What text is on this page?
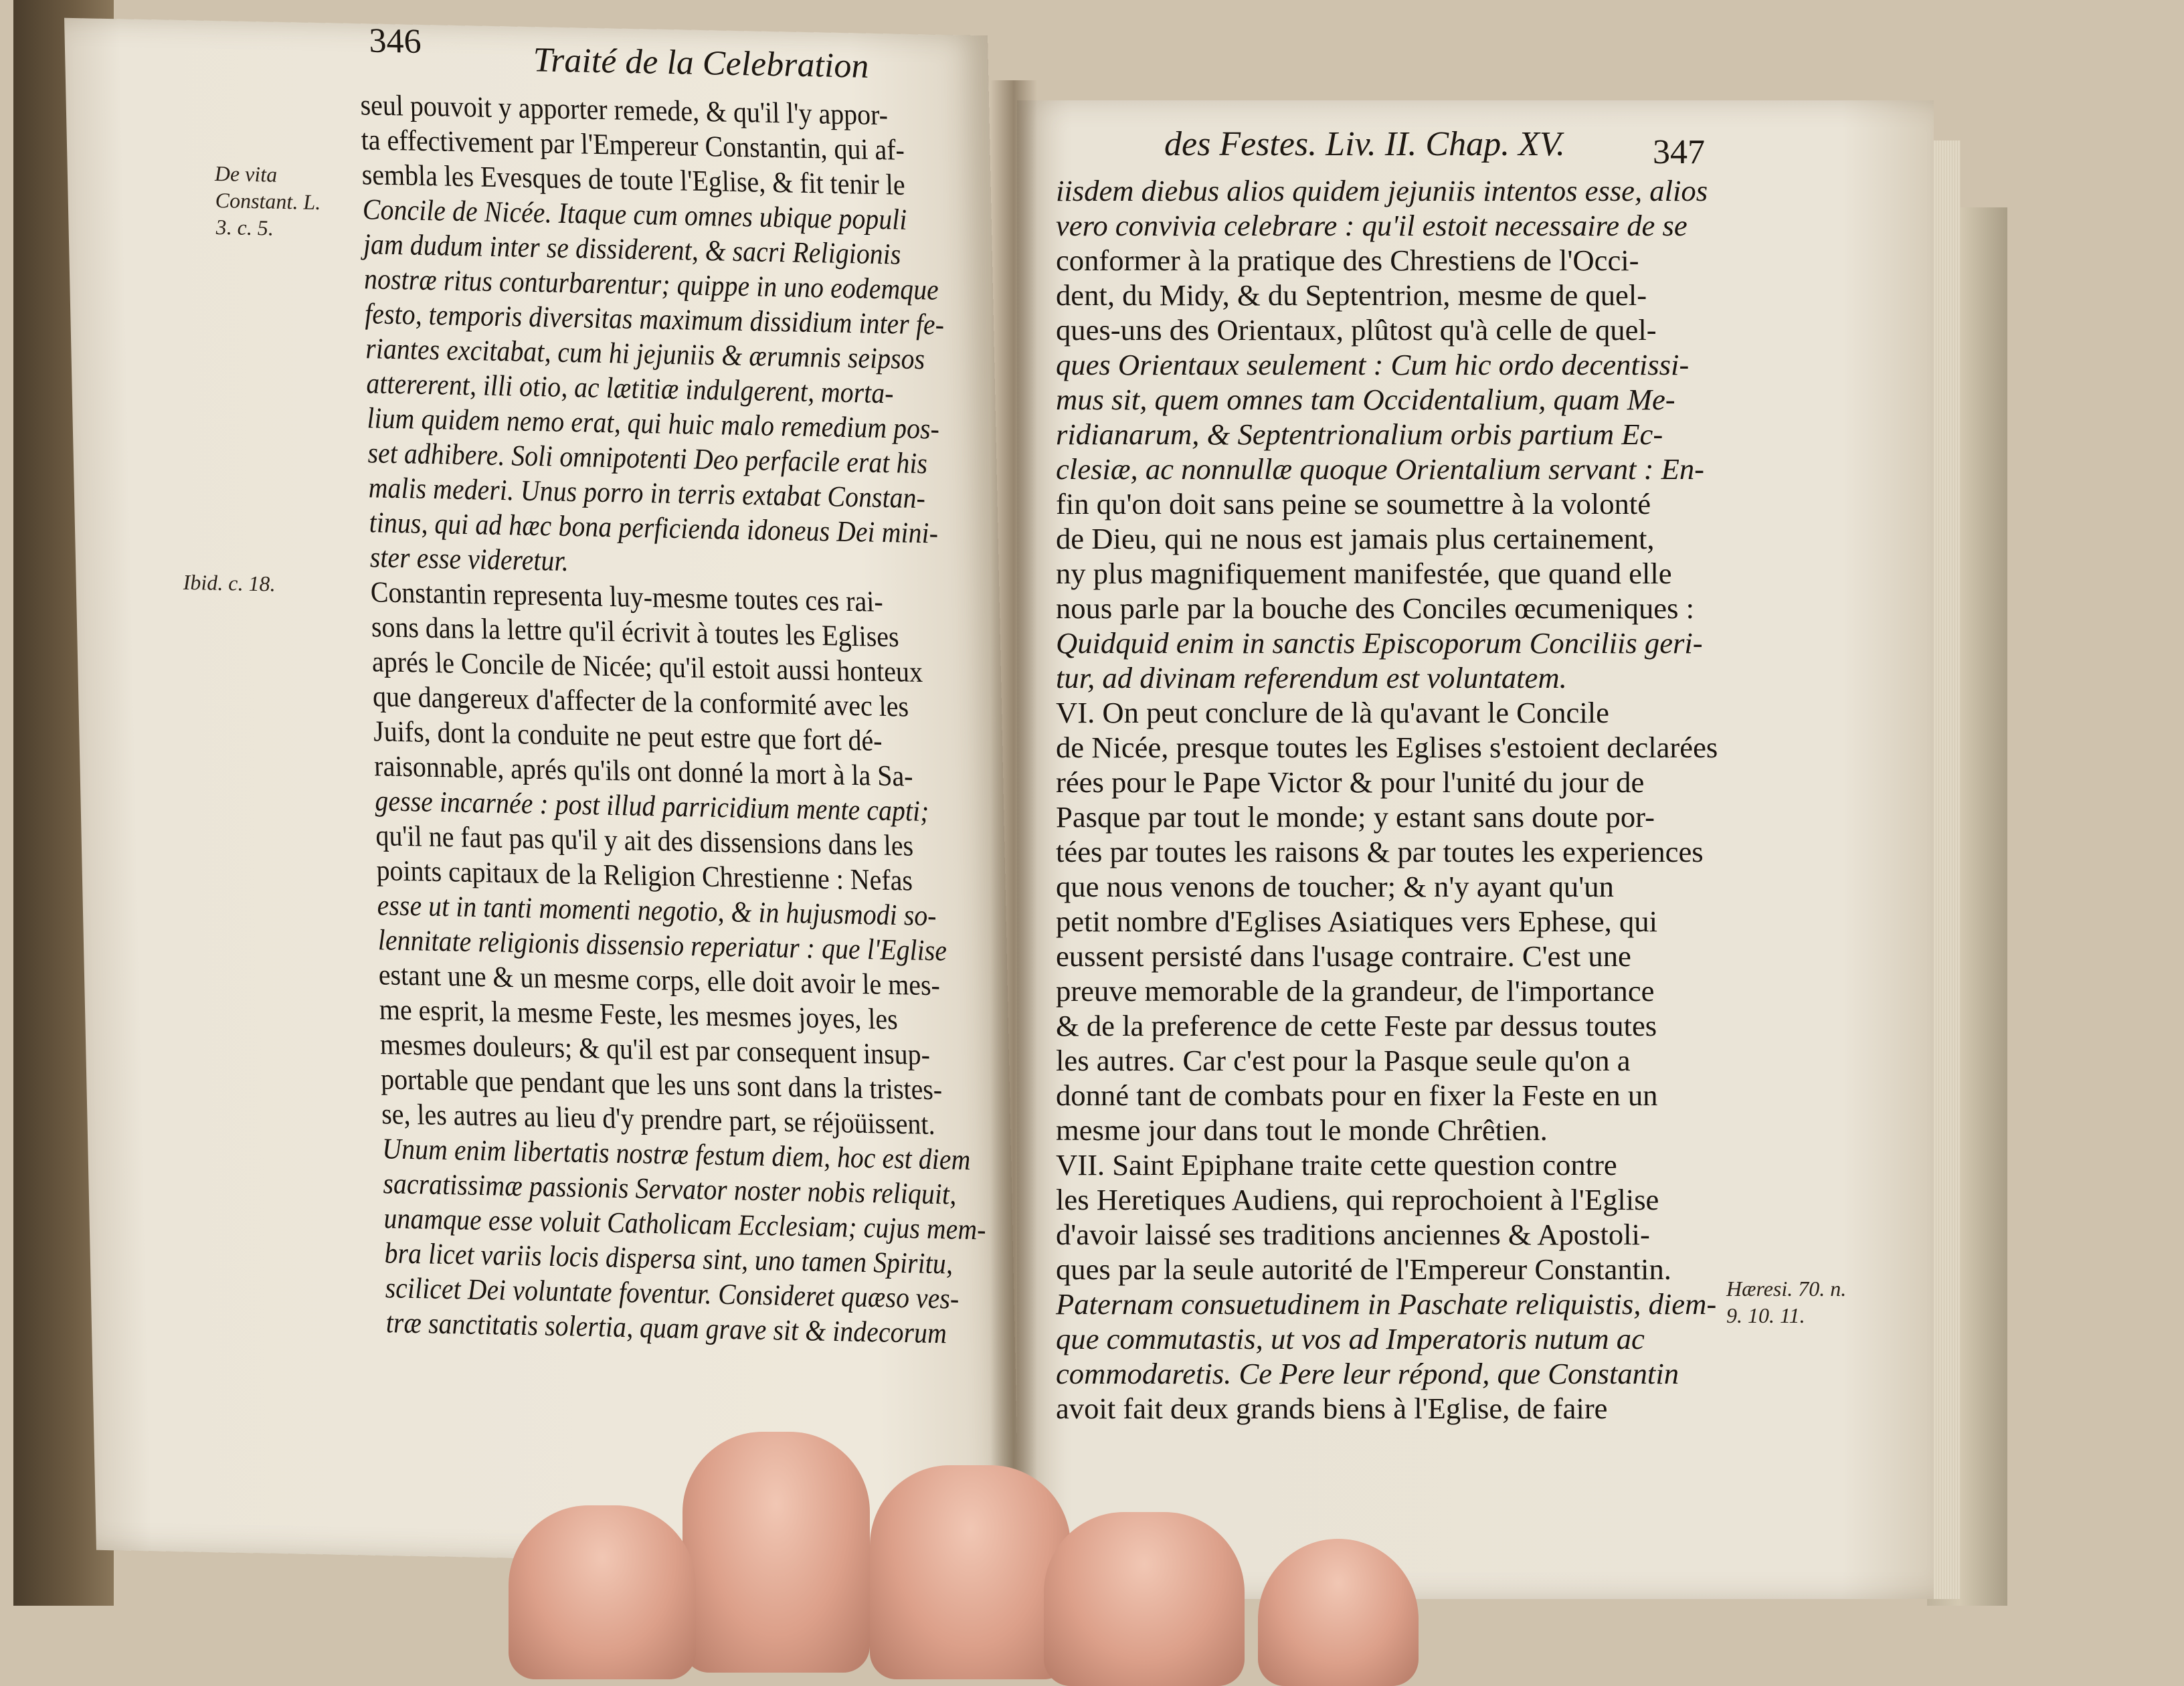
346	Traité de la Celebration
De vita Constant. L. 3. c. 5.
Ibid. c. 18.
seul pouvoit y apporter remede, & qu'il l'y appor-
ta effectivement par l'Empereur Constantin, qui af-
sembla les Evesques de toute l'Eglise, & fit tenir le
Concile de Nicée. Itaque cum omnes ubique populi
jam dudum inter se dissiderent, & sacri Religionis
nostræ ritus conturbarentur; quippe in uno eodemque
festo, temporis diversitas maximum dissidium inter fe-
riantes excitabat, cum hi jejuniis & ærumnis seipsos
attererent, illi otio, ac lætitiæ indulgerent, morta-
lium quidem nemo erat, qui huic malo remedium pos-
set adhibere. Soli omnipotenti Deo perfacile erat his
malis mederi. Unus porro in terris extabat Constan-
tinus, qui ad hæc bona perficienda idoneus Dei mini-
ster esse videretur.
Constantin representa luy-mesme toutes ces rai-
sons dans la lettre qu'il écrivit à toutes les Eglises
aprés le Concile de Nicée; qu'il estoit aussi honteux
que dangereux d'affecter de la conformité avec les
Juifs, dont la conduite ne peut estre que fort dé-
raisonnable, aprés qu'ils ont donné la mort à la Sa-
gesse incarnée : post illud parricidium mente capti;
qu'il ne faut pas qu'il y ait des dissensions dans les
points capitaux de la Religion Chrestienne : Nefas
esse ut in tanti momenti negotio, & in hujusmodi so-
lennitate religionis dissensio reperiatur : que l'Eglise
estant une & un mesme corps, elle doit avoir le mes-
me esprit, la mesme Feste, les mesmes joyes, les
mesmes douleurs; & qu'il est par consequent insup-
portable que pendant que les uns sont dans la tristes-
se, les autres au lieu d'y prendre part, se réjoüissent.
Unum enim libertatis nostræ festum diem, hoc est diem
sacratissimæ passionis Servator noster nobis reliquit,
unamque esse voluit Catholicam Ecclesiam; cujus mem-
bra licet variis locis dispersa sint, uno tamen Spiritu,
scilicet Dei voluntate foventur. Consideret quæso ves-
træ sanctitatis solertia, quam grave sit & indecorum
des Festes. Liv. II. Chap. XV.	347
Hæresi. 70. n. 9. 10. 11.
iisdem diebus alios quidem jejuniis intentos esse, alios
vero convivia celebrare : qu'il estoit necessaire de se
conformer à la pratique des Chrestiens de l'Occi-
dent, du Midy, & du Septentrion, mesme de quel-
ques-uns des Orientaux, plûtost qu'à celle de quel-
ques Orientaux seulement : Cum hic ordo decentissi-
mus sit, quem omnes tam Occidentalium, quam Me-
ridianarum, & Septentrionalium orbis partium Ec-
clesiæ, ac nonnullæ quoque Orientalium servant : En-
fin qu'on doit sans peine se soumettre à la volonté
de Dieu, qui ne nous est jamais plus certainement,
ny plus magnifiquement manifestée, que quand elle
nous parle par la bouche des Conciles œcumeniques :
Quidquid enim in sanctis Episcoporum Conciliis geri-
tur, ad divinam referendum est voluntatem.
VI. On peut conclure de là qu'avant le Concile
de Nicée, presque toutes les Eglises s'estoient declarées
rées pour le Pape Victor & pour l'unité du jour de
Pasque par tout le monde; y estant sans doute por-
tées par toutes les raisons & par toutes les experiences
que nous venons de toucher; & n'y ayant qu'un
petit nombre d'Eglises Asiatiques vers Ephese, qui
eussent persisté dans l'usage contraire. C'est une
preuve memorable de la grandeur, de l'importance
& de la preference de cette Feste par dessus toutes
les autres. Car c'est pour la Pasque seule qu'on a
donné tant de combats pour en fixer la Feste en un
mesme jour dans tout le monde Chrêtien.
VII. Saint Epiphane traite cette question contre
les Heretiques Audiens, qui reprochoient à l'Eglise
d'avoir laissé ses traditions anciennes & Apostoli-
ques par la seule autorité de l'Empereur Constantin.
Paternam consuetudinem in Paschate reliquistis, diem-
que commutastis, ut vos ad Imperatoris nutum ac
commodaretis. Ce Pere leur répond, que Constantin
avoit fait deux grands biens à l'Eglise, de faire
